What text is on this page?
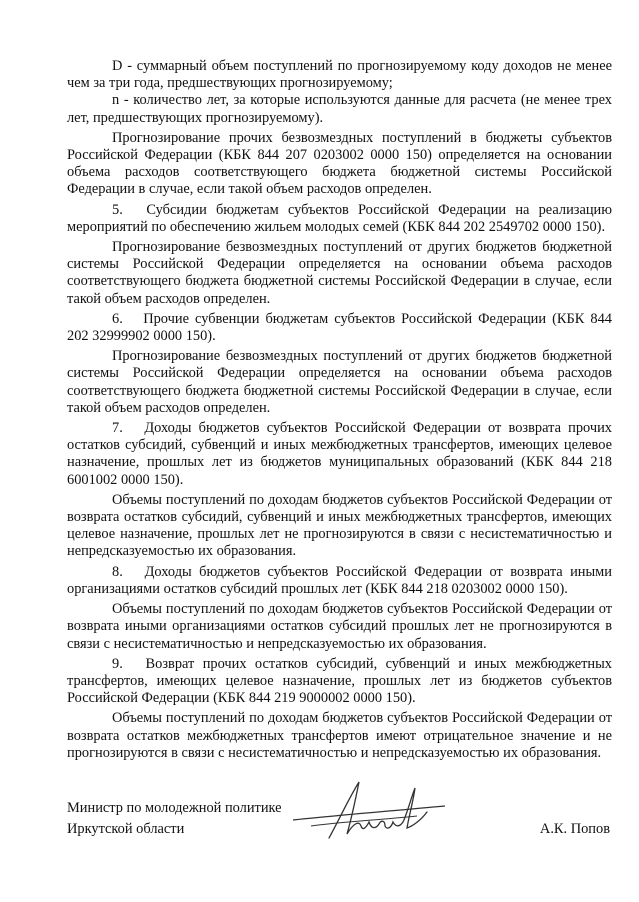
D - суммарный объем поступлений по прогнозируемому коду доходов не менее чем за три года, предшествующих прогнозируемому;

n - количество лет, за которые используются данные для расчета (не менее трех лет, предшествующих прогнозируемому).

Прогнозирование прочих безвозмездных поступлений в бюджеты субъектов Российской Федерации (КБК 844 207 0203002 0000 150) определяется на основании объема расходов соответствующего бюджета бюджетной системы Российской Федерации в случае, если такой объем расходов определен.

5.  Субсидии бюджетам субъектов Российской Федерации на реализацию мероприятий по обеспечению жильем молодых семей (КБК 844 202 2549702 0000 150).

Прогнозирование безвозмездных поступлений от других бюджетов бюджетной системы Российской Федерации определяется на основании объема расходов соответствующего бюджета бюджетной системы Российской Федерации в случае, если такой объем расходов определен.

6.  Прочие субвенции бюджетам субъектов Российской Федерации (КБК 844 202 32999902 0000 150).

Прогнозирование безвозмездных поступлений от других бюджетов бюджетной системы Российской Федерации определяется на основании объема расходов соответствующего бюджета бюджетной системы Российской Федерации в случае, если такой объем расходов определен.

7.  Доходы бюджетов субъектов Российской Федерации от возврата прочих остатков субсидий, субвенций и иных межбюджетных трансфертов, имеющих целевое назначение, прошлых лет из бюджетов муниципальных образований (КБК 844 218 6001002 0000 150).

Объемы поступлений по доходам бюджетов субъектов Российской Федерации от возврата остатков субсидий, субвенций и иных межбюджетных трансфертов, имеющих целевое назначение, прошлых лет не прогнозируются в связи с несистематичностью и непредсказуемостью их образования.

8.  Доходы бюджетов субъектов Российской Федерации от возврата иными организациями остатков субсидий прошлых лет (КБК 844 218 0203002 0000 150).

Объемы поступлений по доходам бюджетов субъектов Российской Федерации от возврата иными организациями остатков субсидий прошлых лет не прогнозируются в связи с несистематичностью и непредсказуемостью их образования.

9.  Возврат прочих остатков субсидий, субвенций и иных межбюджетных трансфертов, имеющих целевое назначение, прошлых лет из бюджетов субъектов Российской Федерации (КБК 844 219 9000002 0000 150).

Объемы поступлений по доходам бюджетов субъектов Российской Федерации от возврата остатков межбюджетных трансфертов имеют отрицательное значение и не прогнозируются в связи с несистематичностью и непредсказуемостью их образования.

Министр по молодежной политике
Иркутской области	А.К. Попов
